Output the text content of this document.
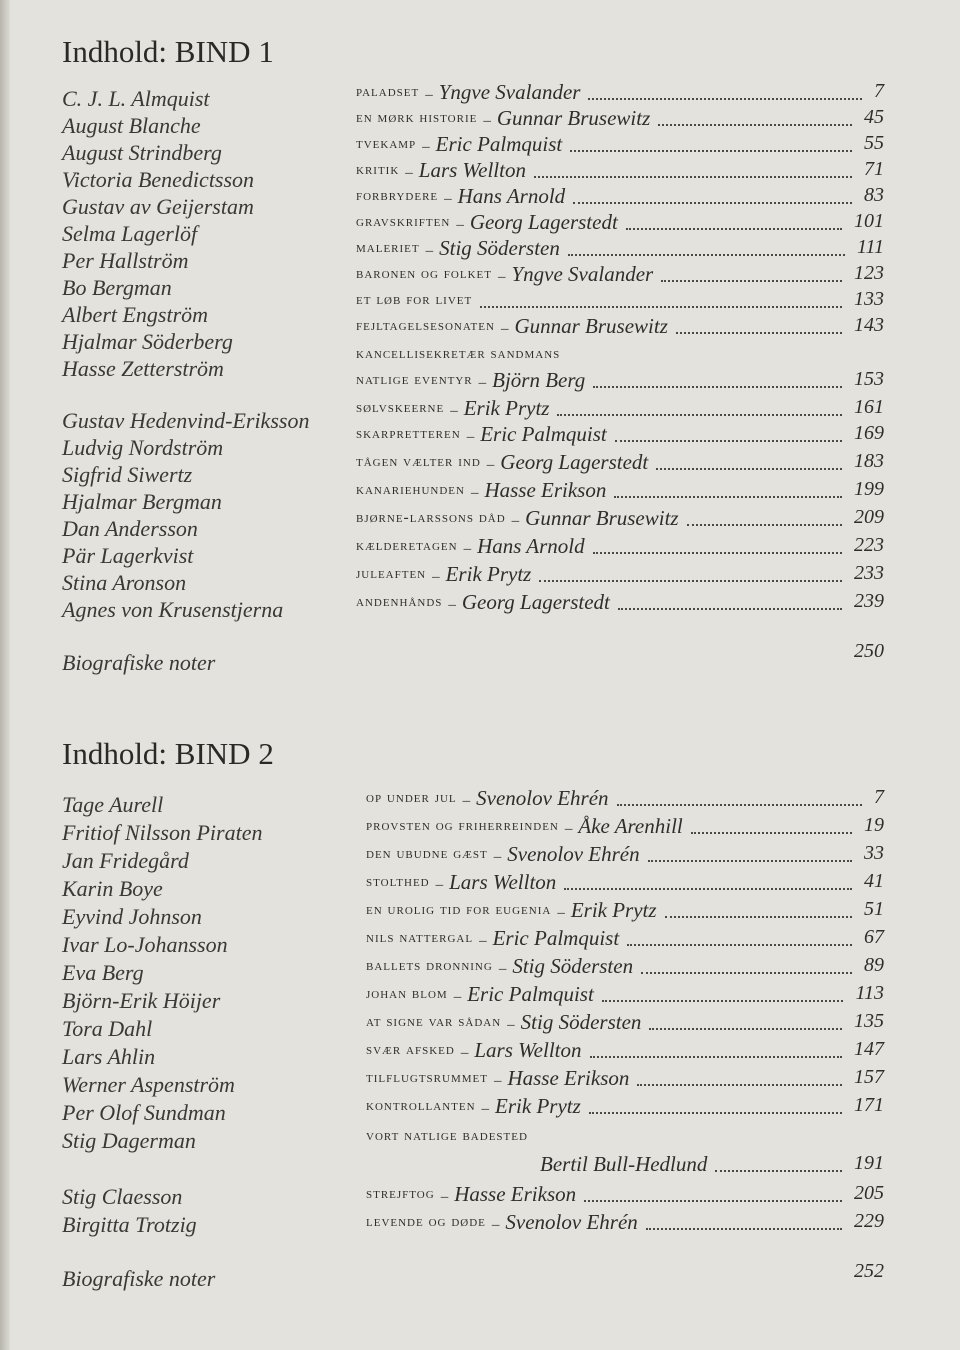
Indhold: BIND 1
C. J. L. Almquist
August Blanche
August Strindberg
Victoria Benedictsson
Gustav av Geijerstam
Selma Lagerlöf
Per Hallström
Bo Bergman
Albert Engström
Hjalmar Söderberg
Hasse Zetterström
Gustav Hedenvind-Eriksson
Ludvig Nordström
Sigfrid Siwertz
Hjalmar Bergman
Dan Andersson
Pär Lagerkvist
Stina Aronson
Agnes von Krusenstjerna
paladset – Yngve Svalander	7
en mørk historie – Gunnar Brusewitz	45
tvekamp – Eric Palmquist	55
kritik – Lars Wellton	71
forbrydere – Hans Arnold	83
gravskriften – Georg Lagerstedt	101
maleriet – Stig Södersten	111
baronen og folket – Yngve Svalander	123
et løb for livet	133
fejltagelsesonaten – Gunnar Brusewitz	143
kancellisekretær sandmans
natlige eventyr – Björn Berg	153
sølvskeerne – Erik Prytz	161
skarpretteren – Eric Palmquist	169
tågen vælter ind – Georg Lagerstedt	183
kanariehunden – Hasse Erikson	199
bjørne-larssons dåd – Gunnar Brusewitz	209
kælderetagen – Hans Arnold	223
juleaften – Erik Prytz	233
andenhånds – Georg Lagerstedt	239
Biografiske noter	250
Indhold: BIND 2
Tage Aurell
Fritiof Nilsson Piraten
Jan Fridegård
Karin Boye
Eyvind Johnson
Ivar Lo-Johansson
Eva Berg
Björn-Erik Höijer
Tora Dahl
Lars Ahlin
Werner Aspenström
Per Olof Sundman
Stig Dagerman
Stig Claesson
Birgitta Trotzig
op under jul – Svenolov Ehrén	7
provsten og friherreinden – Åke Arenhill	19
den ubudne gæst – Svenolov Ehrén	33
stolthed – Lars Wellton	41
en urolig tid for eugenia – Erik Prytz	51
nils nattergal – Eric Palmquist	67
ballets dronning – Stig Södersten	89
johan blom – Eric Palmquist	113
at signe var sådan – Stig Södersten	135
svær afsked – Lars Wellton	147
tilflugtsrummet – Hasse Erikson	157
kontrollanten – Erik Prytz	171
vort natlige badested
Bertil Bull-Hedlund	191
strejftog – Hasse Erikson	205
levende og døde – Svenolov Ehrén	229
Biografiske noter	252
